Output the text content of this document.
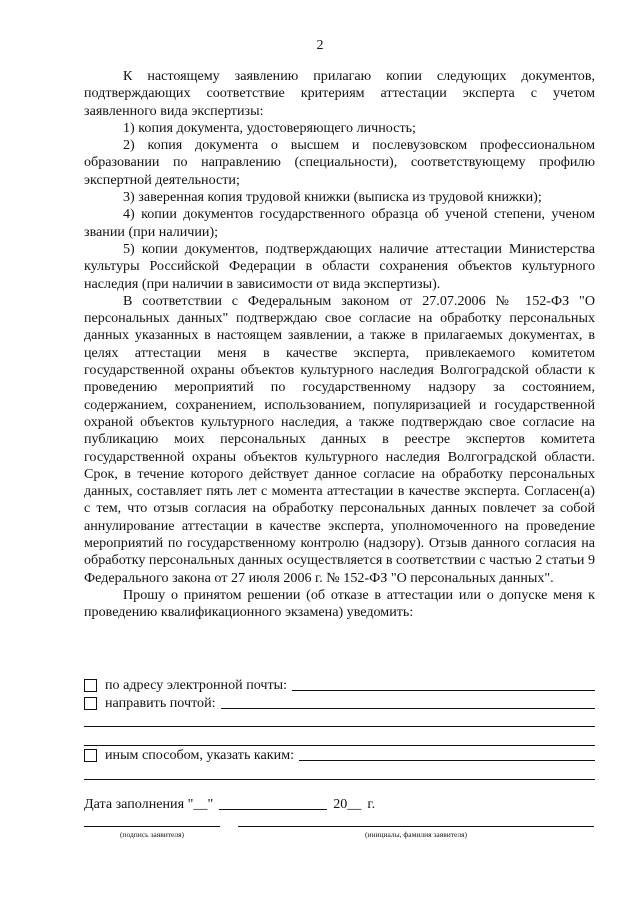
2

К настоящему заявлению прилагаю копии следующих документов, подтверждающих соответствие критериям аттестации эксперта с учетом заявленного вида экспертизы:

1) копия документа, удостоверяющего личность;

2) копия документа о высшем и послевузовском профессиональном образовании по направлению (специальности), соответствующему профилю экспертной деятельности;

3) заверенная копия трудовой книжки (выписка из трудовой книжки);

4) копии документов государственного образца об ученой степени, ученом звании (при наличии);

5) копии документов, подтверждающих наличие аттестации Министерства культуры Российской Федерации в области сохранения объектов культурного наследия (при наличии в зависимости от вида экспертизы).

В соответствии с Федеральным законом от 27.07.2006 № 152-ФЗ "О персональных данных" подтверждаю свое согласие на обработку персональных данных указанных в настоящем заявлении, а также в прилагаемых документах, в целях аттестации меня в качестве эксперта, привлекаемого комитетом государственной охраны объектов культурного наследия Волгоградской области к проведению мероприятий по государственному надзору за состоянием, содержанием, сохранением, использованием, популяризацией и государственной охраной объектов культурного наследия, а также подтверждаю свое согласие на публикацию моих персональных данных в реестре экспертов комитета государственной охраны объектов культурного наследия Волгоградской области. Срок, в течение которого действует данное согласие на обработку персональных данных, составляет пять лет с момента аттестации в качестве эксперта. Согласен(а) с тем, что отзыв согласия на обработку персональных данных повлечет за собой аннулирование аттестации в качестве эксперта, уполномоченного на проведение мероприятий по государственному контролю (надзору). Отзыв данного согласия на обработку персональных данных осуществляется в соответствии с частью 2 статьи 9 Федерального закона от 27 июля 2006 г. № 152-ФЗ "О персональных данных".

Прошу о принятом решении (об отказе в аттестации или о допуске меня к проведению квалификационного экзамена) уведомить:

по адресу электронной почты:
направить почтой:
иным способом, указать каким:
Дата заполнения " __ "	20 __ г.
(подпись заявителя)	(инициалы, фамилия заявителя)
